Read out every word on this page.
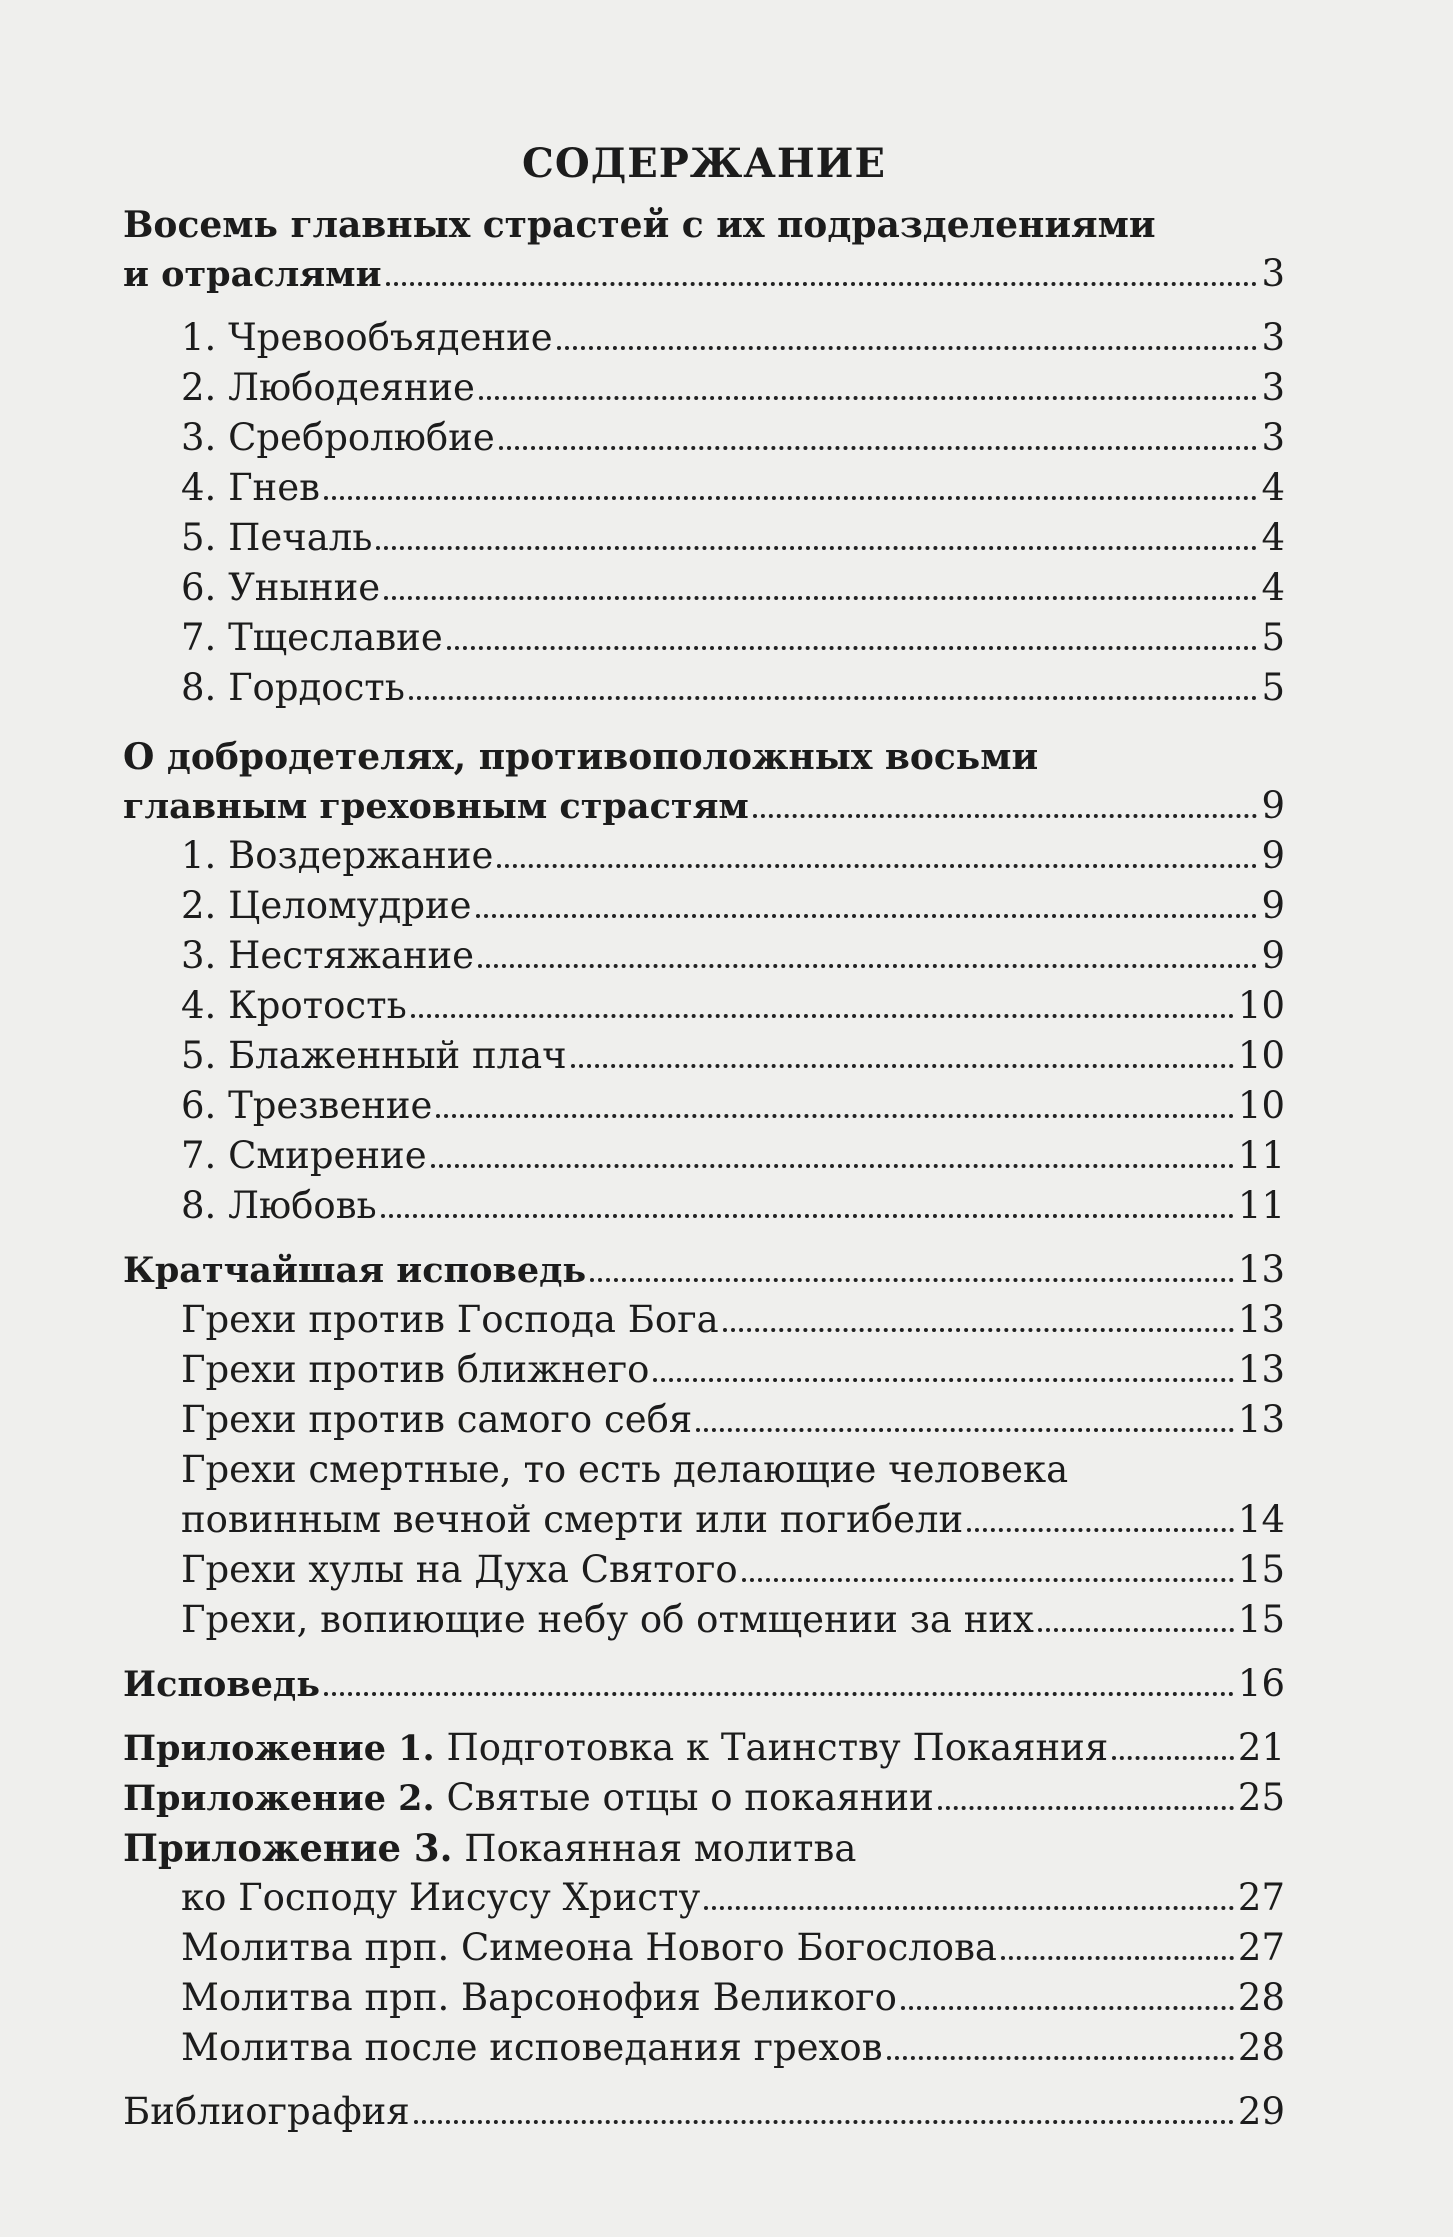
СОДЕРЖАНИЕ
Восемь главных страстей с их подразделениями
и отраслями	3
1. Чревообъядение	3
2. Любодеяние	3
3. Сребролюбие	3
4. Гнев	4
5. Печаль	4
6. Уныние	4
7. Тщеславие	5
8. Гордость	5
О добродетелях, противоположных восьми
главным греховным страстям	9
1. Воздержание	9
2. Целомудрие	9
3. Нестяжание	9
4. Кротость	10
5. Блаженный плач	10
6. Трезвение	10
7. Смирение	11
8. Любовь	11
Кратчайшая исповедь	13
Грехи против Господа Бога	13
Грехи против ближнего	13
Грехи против самого себя	13
Грехи смертные, то есть делающие человека
повинным вечной смерти или погибели	14
Грехи хулы на Духа Святого	15
Грехи, вопиющие небу об отмщении за них	15
Исповедь	16
Приложение 1. Подготовка к Таинству Покаяния	21
Приложение 2. Святые отцы о покаянии	25
Приложение 3. Покаянная молитва
ко Господу Иисусу Христу	27
Молитва прп. Симеона Нового Богослова	27
Молитва прп. Варсонофия Великого	28
Молитва после исповедания грехов	28
Библиография	29
